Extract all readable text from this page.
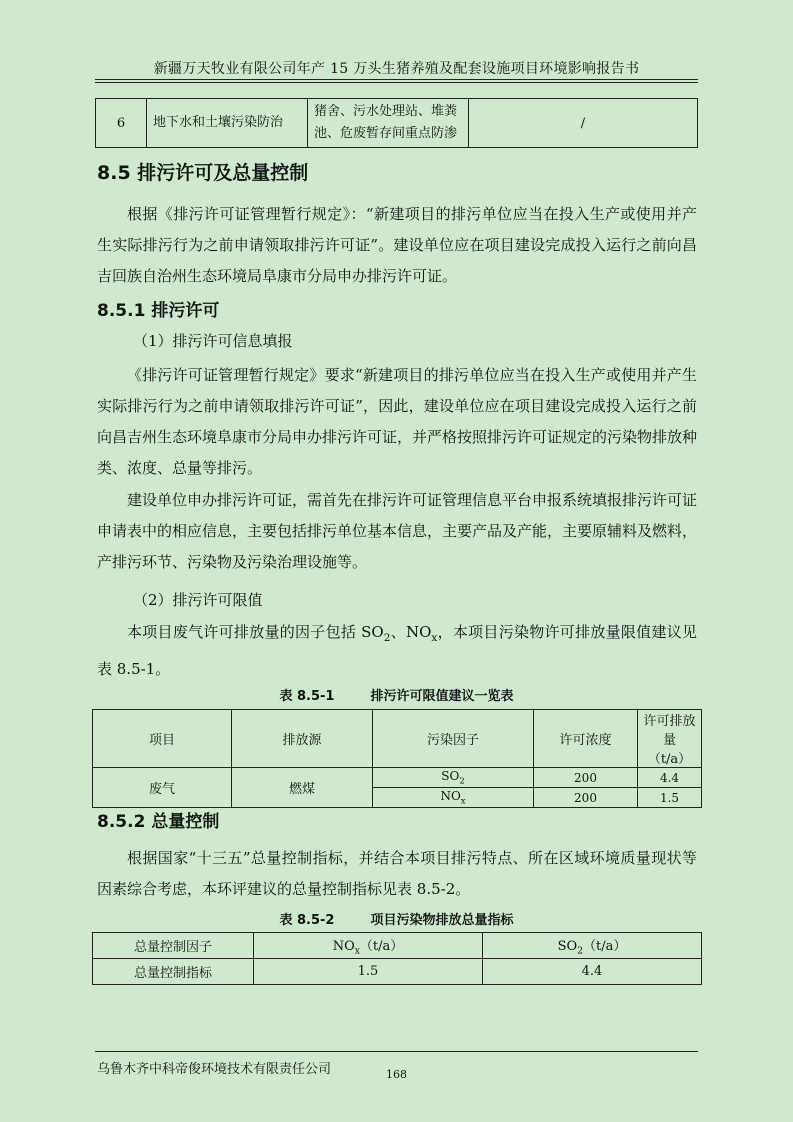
新疆万天牧业有限公司年产 15 万头生猪养殖及配套设施项目环境影响报告书
6	地下水和土壤污染防治	猪舍、污水处理站、堆粪池、危废暂存间重点防渗	/
8.5 排污许可及总量控制
根据《排污许可证管理暂行规定》：“新建项目的排污单位应当在投入生产或使用并产生实际排污行为之前申请领取排污许可证”。建设单位应在项目建设完成投入运行之前向昌吉回族自治州生态环境局阜康市分局申办排污许可证。
8.5.1 排污许可
（1）排污许可信息填报
《排污许可证管理暂行规定》要求“新建项目的排污单位应当在投入生产或使用并产生实际排污行为之前申请领取排污许可证”，因此，建设单位应在项目建设完成投入运行之前向昌吉州生态环境阜康市分局申办排污许可证，并严格按照排污许可证规定的污染物排放种类、浓度、总量等排污。
建设单位申办排污许可证，需首先在排污许可证管理信息平台申报系统填报排污许可证申请表中的相应信息，主要包括排污单位基本信息，主要产品及产能，主要原辅料及燃料，产排污环节、污染物及污染治理设施等。
（2）排污许可限值
本项目废气许可排放量的因子包括 $SO_2$、$NO_x$，本项目污染物许可排放量限值建议见表 8.5-1。
表 8.5-1	排污许可限值建议一览表
项目	排放源	污染因子	许可浓度	许可排放量
（t/a）

废气	燃煤	$SO_2$	200	4.4
		$NO_x$	200	1.5
8.5.2 总量控制
根据国家“十三五”总量控制指标，并结合本项目排污特点、所在区域环境质量现状等因素综合考虑，本环评建议的总量控制指标见表 8.5-2。
表 8.5-2	项目污染物排放总量指标
总量控制因子	$NO_x(t/a)$	$SO_2(t/a)$
总量控制指标	1.5	4.4
乌鲁木齐中科帝俊环境技术有限责任公司	168
